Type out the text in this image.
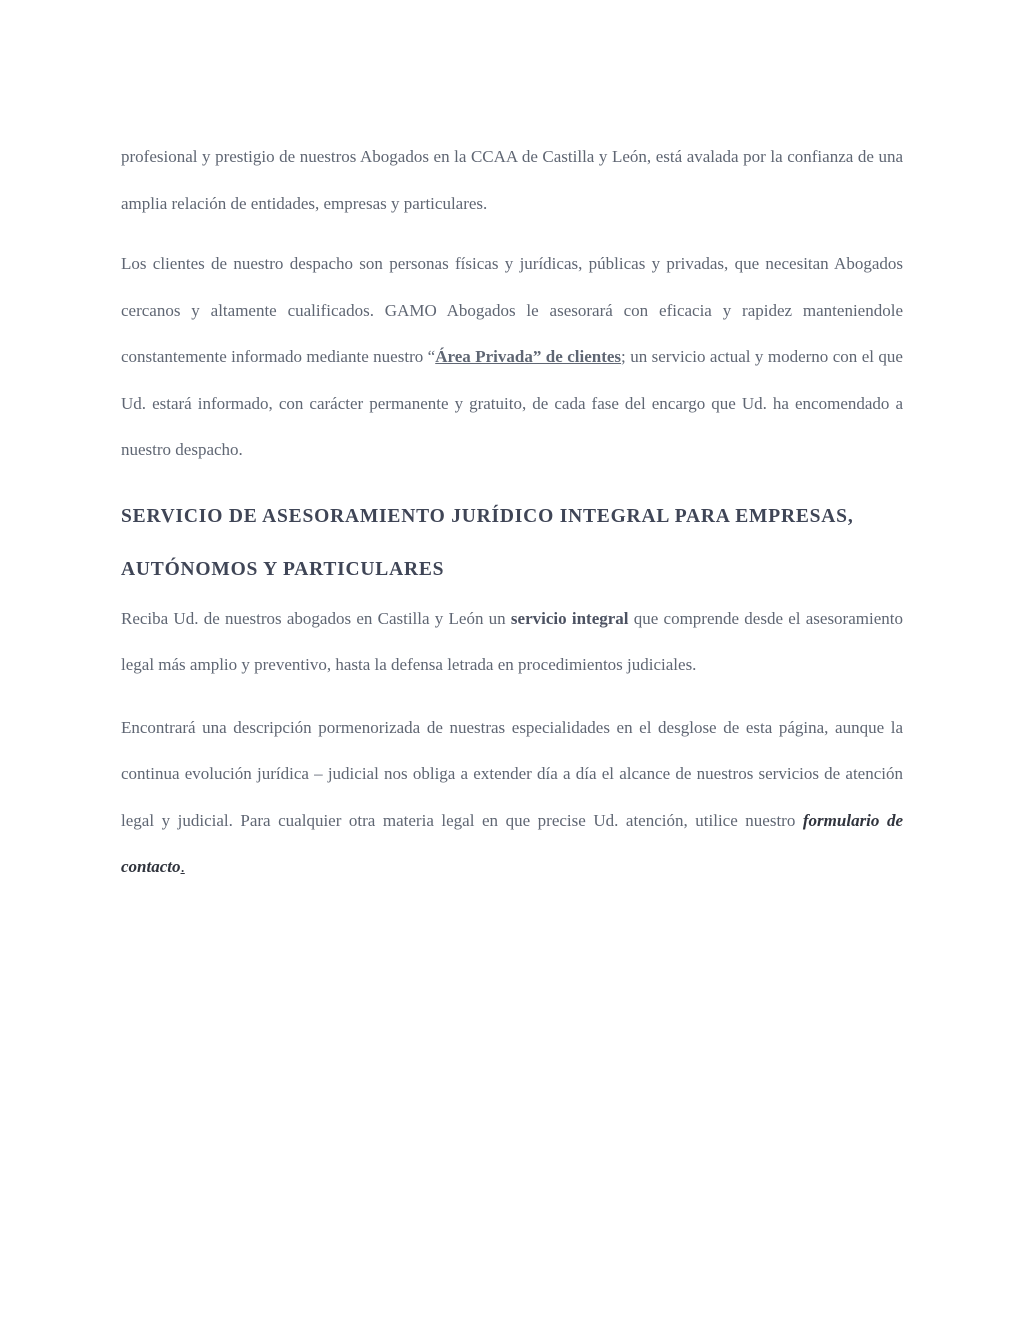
profesional y prestigio de nuestros Abogados en la CCAA de Castilla y León, está avalada por la confianza de una amplia relación de entidades, empresas y particulares.

Los clientes de nuestro despacho son personas físicas y jurídicas, públicas y privadas, que necesitan Abogados cercanos y altamente cualificados. GAMO Abogados le asesorará con eficacia y rapidez manteniendole constantemente informado mediante nuestro “Área Privada” de clientes; un servicio actual y moderno con el que Ud. estará informado, con carácter permanente y gratuito, de cada fase del encargo que Ud. ha encomendado a nuestro despacho.

SERVICIO DE ASESORAMIENTO JURÍDICO INTEGRAL PARA EMPRESAS, AUTÓNOMOS Y PARTICULARES

Reciba Ud. de nuestros abogados en Castilla y León un servicio integral que comprende desde el asesoramiento legal más amplio y preventivo, hasta la defensa letrada en procedimientos judiciales.

Encontrará una descripción pormenorizada de nuestras especialidades en el desglose de esta página, aunque la continua evolución jurídica – judicial nos obliga a extender día a día el alcance de nuestros servicios de atención legal y judicial. Para cualquier otra materia legal en que precise Ud. atención, utilice nuestro formulario de contacto.
